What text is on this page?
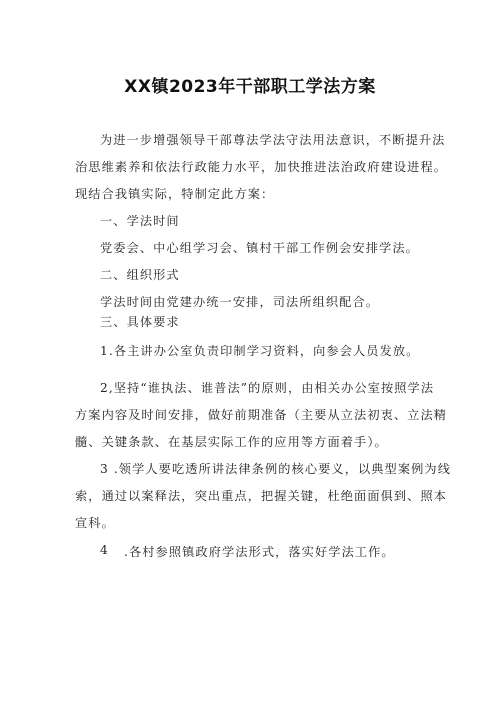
XX镇2023年干部职工学法方案
为进一步增强领导干部尊法学法守法用法意识，不断提升法
治思维素养和依法行政能力水平，加快推进法治政府建设进程。
现结合我镇实际，特制定此方案：
一、学法时间
党委会、中心组学习会、镇村干部工作例会安排学法。
二、组织形式
学法时间由党建办统一安排，司法所组织配合。
三、具体要求
1.各主讲办公室负责印制学习资料，向参会人员发放。
2,坚持“谁执法、谁普法”的原则，由相关办公室按照学法
方案内容及时间安排，做好前期准备（主要从立法初衷、立法精
髓、关键条款、在基层实际工作的应用等方面着手）。
3 .领学人要吃透所讲法律条例的核心要义，以典型案例为线
索，通过以案释法，突出重点，把握关键，杜绝面面俱到、照本
宣科。
4 .各村参照镇政府学法形式，落实好学法工作。
